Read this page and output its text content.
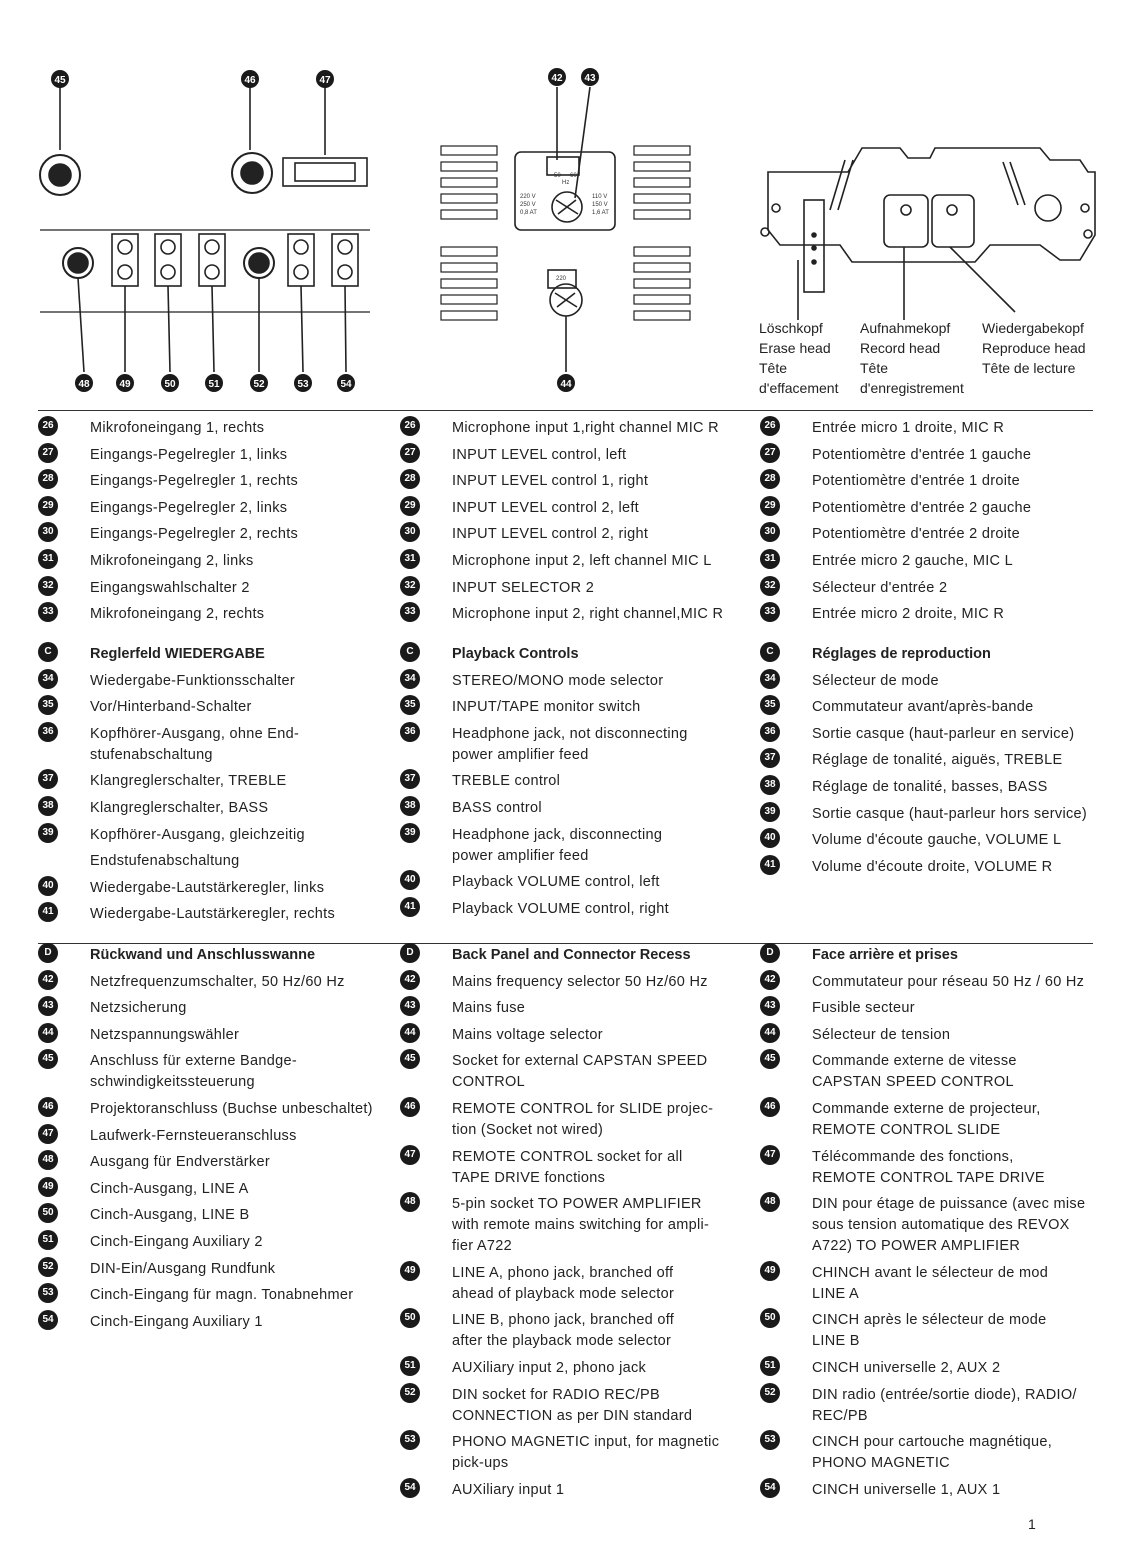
45	46	47	42 43
44
48	49	50	51	52	53	54
220 V
250 V
0,8 AT
110 V
150 V
1,6 AT
50 — 60
Hz
220
Löschkopf
Erase head
Tête
d'effacement
Aufnahmekopf
Record head
Tête
d'enregistrement
Wiedergabekopf
Reproduce head
Tête de lecture
26	Mikrofoneingang 1, rechts
27	Eingangs-Pegelregler 1, links
28	Eingangs-Pegelregler 1, rechts
29	Eingangs-Pegelregler 2, links
30	Eingangs-Pegelregler 2, rechts
31	Mikrofoneingang 2, links
32	Eingangswahlschalter 2
33	Mikrofoneingang 2, rechts
26	Microphone input 1,right channel MIC R
27	INPUT LEVEL control, left
28	INPUT LEVEL control 1, right
29	INPUT LEVEL control 2, left
30	INPUT LEVEL control 2, right
31	Microphone input 2, left channel MIC L
32	INPUT SELECTOR 2
33	Microphone input 2, right channel,MIC R
26	Entrée micro 1 droite, MIC R
27	Potentiomètre d'entrée 1 gauche
28	Potentiomètre d'entrée 1 droite
29	Potentiomètre d'entrée 2 gauche
30	Potentiomètre d'entrée 2 droite
31	Entrée micro 2 gauche, MIC L
32	Sélecteur d'entrée 2
33	Entrée micro 2 droite, MIC R
C	Reglerfeld WIEDERGABE
34	Wiedergabe-Funktionsschalter
35	Vor/Hinterband-Schalter
36	Kopfhörer-Ausgang, ohne End-
stufenabschaltung
37	Klangreglerschalter, TREBLE
38	Klangreglerschalter, BASS
39	Kopfhörer-Ausgang, gleichzeitig
Endstufenabschaltung
40	Wiedergabe-Lautstärkeregler, links
41	Wiedergabe-Lautstärkeregler, rechts
C	Playback Controls
34	STEREO/MONO mode selector
35	INPUT/TAPE monitor switch
36	Headphone jack, not disconnecting
power amplifier feed
37	TREBLE control
38	BASS control
39	Headphone jack, disconnecting
power amplifier feed
40	Playback VOLUME control, left
41	Playback VOLUME control, right
C	Réglages de reproduction
34	Sélecteur de mode
35	Commutateur avant/après-bande
36	Sortie casque (haut-parleur en service)
37	Réglage de tonalité, aiguës, TREBLE
38	Réglage de tonalité, basses, BASS
39	Sortie casque (haut-parleur hors service)
40	Volume d'écoute gauche, VOLUME L
41	Volume d'écoute droite, VOLUME R
D	Rückwand und Anschlusswanne
42	Netzfrequenzumschalter, 50 Hz/60 Hz
43	Netzsicherung
44	Netzspannungswähler
45	Anschluss für externe Bandge-
schwindigkeitssteuerung
46	Projektoranschluss (Buchse unbeschaltet)
47	Laufwerk-Fernsteueranschluss
48	Ausgang für Endverstärker
49	Cinch-Ausgang, LINE A
50	Cinch-Ausgang, LINE B
51	Cinch-Eingang Auxiliary 2
52	DIN-Ein/Ausgang Rundfunk
53	Cinch-Eingang für magn. Tonabnehmer
54	Cinch-Eingang Auxiliary 1
D	Back Panel and Connector Recess
42	Mains frequency selector 50 Hz/60 Hz
43	Mains fuse
44	Mains voltage selector
45	Socket for external CAPSTAN SPEED
CONTROL
46	REMOTE CONTROL for SLIDE projec-
tion (Socket not wired)
47	REMOTE CONTROL socket for all
TAPE DRIVE fonctions
48	5-pin socket TO POWER AMPLIFIER
with remote mains switching for ampli-
fier A722
49	LINE A, phono jack, branched off
ahead of playback mode selector
50	LINE B, phono jack, branched off
after the playback mode selector
51	AUXiliary input 2, phono jack
52	DIN socket for RADIO REC/PB
CONNECTION as per DIN standard
53	PHONO MAGNETIC input, for magnetic
pick-ups
54	AUXiliary input 1
D	Face arrière et prises
42	Commutateur pour réseau 50 Hz / 60 Hz
43	Fusible secteur
44	Sélecteur de tension
45	Commande externe de vitesse
CAPSTAN SPEED CONTROL
46	Commande externe de projecteur,
REMOTE CONTROL SLIDE
47	Télécommande des fonctions,
REMOTE CONTROL TAPE DRIVE
48	DIN pour étage de puissance (avec mise
sous tension automatique des REVOX
A722) TO POWER AMPLIFIER
49	CHINCH avant le sélecteur de mod
LINE A
50	CINCH après le sélecteur de mode
LINE B
51	CINCH universelle 2, AUX 2
52	DIN radio (entrée/sortie diode), RADIO/
REC/PB
53	CINCH pour cartouche magnétique,
PHONO MAGNETIC
54	CINCH universelle 1, AUX 1
1
